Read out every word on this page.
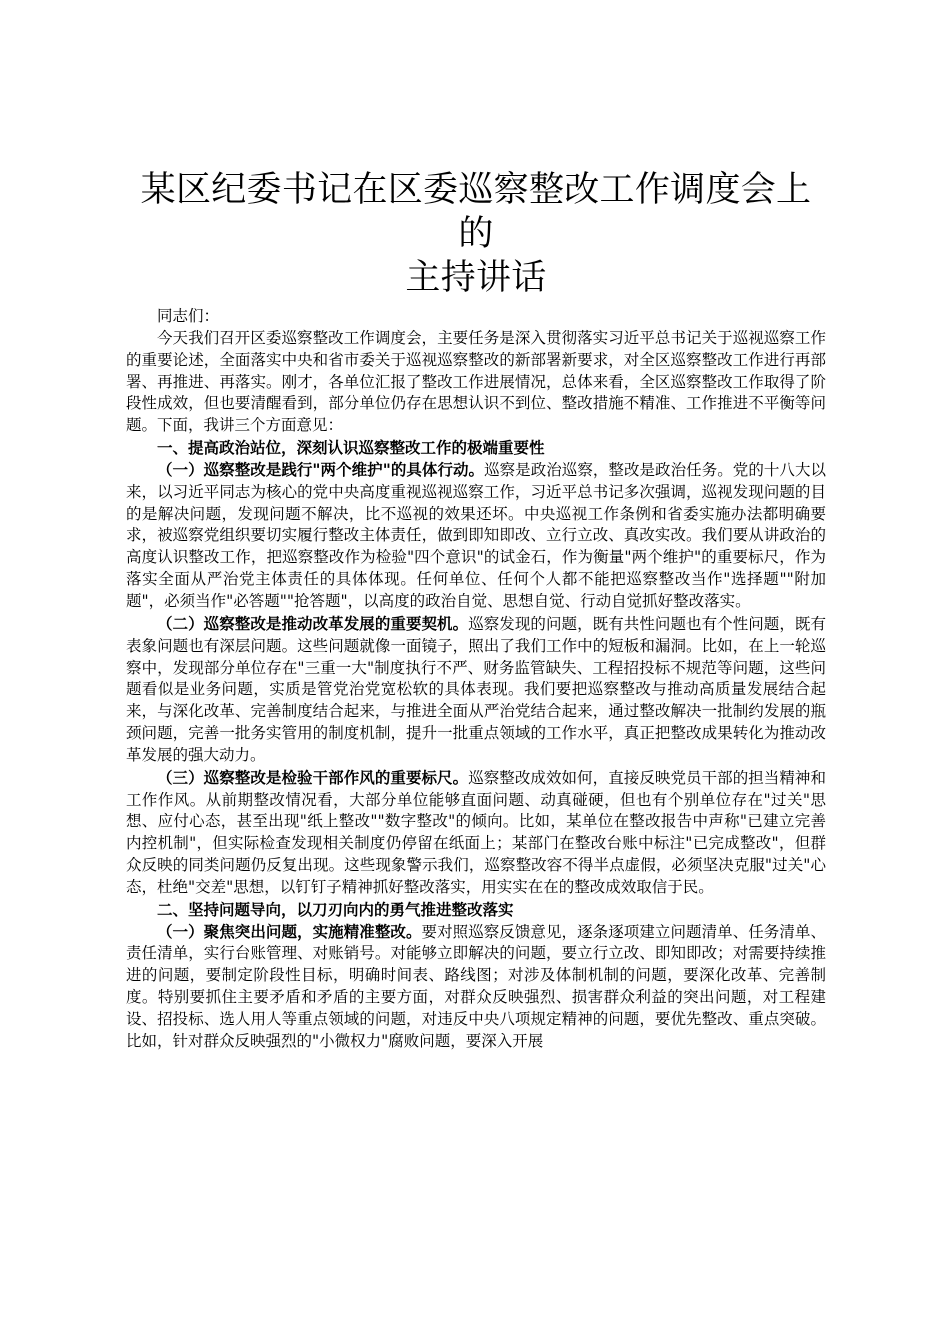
某区纪委书记在区委巡察整改工作调度会上的
主持讲话

同志们：

今天我们召开区委巡察整改工作调度会，主要任务是深入贯彻落实习近平总书记关于巡视巡察工作的重要论述，全面落实中央和省市委关于巡视巡察整改的新部署新要求，对全区巡察整改工作进行再部署、再推进、再落实。刚才，各单位汇报了整改工作进展情况，总体来看，全区巡察整改工作取得了阶段性成效，但也要清醒看到，部分单位仍存在思想认识不到位、整改措施不精准、工作推进不平衡等问题。下面，我讲三个方面意见：

一、提高政治站位，深刻认识巡察整改工作的极端重要性

（一）巡察整改是践行"两个维护"的具体行动。巡察是政治巡察，整改是政治任务。党的十八大以来，以习近平同志为核心的党中央高度重视巡视巡察工作，习近平总书记多次强调，巡视发现问题的目的是解决问题，发现问题不解决，比不巡视的效果还坏。中央巡视工作条例和省委实施办法都明确要求，被巡察党组织要切实履行整改主体责任，做到即知即改、立行立改、真改实改。我们要从讲政治的高度认识整改工作，把巡察整改作为检验"四个意识"的试金石，作为衡量"两个维护"的重要标尺，作为落实全面从严治党主体责任的具体体现。任何单位、任何个人都不能把巡察整改当作"选择题""附加题"，必须当作"必答题""抢答题"，以高度的政治自觉、思想自觉、行动自觉抓好整改落实。

（二）巡察整改是推动改革发展的重要契机。巡察发现的问题，既有共性问题也有个性问题，既有表象问题也有深层问题。这些问题就像一面镜子，照出了我们工作中的短板和漏洞。比如，在上一轮巡察中，发现部分单位存在"三重一大"制度执行不严、财务监管缺失、工程招投标不规范等问题，这些问题看似是业务问题，实质是管党治党宽松软的具体表现。我们要把巡察整改与推动高质量发展结合起来，与深化改革、完善制度结合起来，与推进全面从严治党结合起来，通过整改解决一批制约发展的瓶颈问题，完善一批务实管用的制度机制，提升一批重点领域的工作水平，真正把整改成果转化为推动改革发展的强大动力。

（三）巡察整改是检验干部作风的重要标尺。巡察整改成效如何，直接反映党员干部的担当精神和工作作风。从前期整改情况看，大部分单位能够直面问题、动真碰硬，但也有个别单位存在"过关"思想、应付心态，甚至出现"纸上整改""数字整改"的倾向。比如，某单位在整改报告中声称"已建立完善内控机制"，但实际检查发现相关制度仍停留在纸面上；某部门在整改台账中标注"已完成整改"，但群众反映的同类问题仍反复出现。这些现象警示我们，巡察整改容不得半点虚假，必须坚决克服"过关"心态，杜绝"交差"思想，以钉钉子精神抓好整改落实，用实实在在的整改成效取信于民。

二、坚持问题导向，以刀刃向内的勇气推进整改落实

（一）聚焦突出问题，实施精准整改。要对照巡察反馈意见，逐条逐项建立问题清单、任务清单、责任清单，实行台账管理、对账销号。对能够立即解决的问题，要立行立改、即知即改；对需要持续推进的问题，要制定阶段性目标，明确时间表、路线图；对涉及体制机制的问题，要深化改革、完善制度。特别要抓住主要矛盾和矛盾的主要方面，对群众反映强烈、损害群众利益的突出问题，对工程建设、招投标、选人用人等重点领域的问题，对违反中央八项规定精神的问题，要优先整改、重点突破。比如，针对群众反映强烈的"小微权力"腐败问题，要深入开展
